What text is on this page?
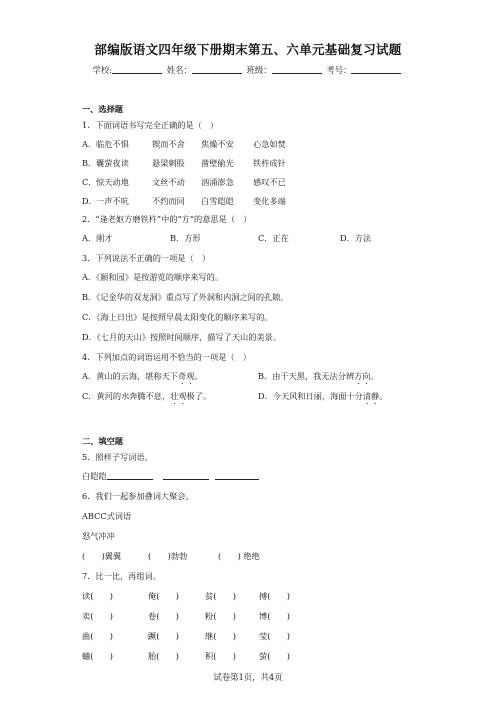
部编版语文四年级下册期末第五、六单元基础复习试题
学校:	姓名：	班级：	考号：
一、选择题
1．下面词语书写完全正确的是（　）
A． 临危不惧	锲而不舍 焦燥不安 心急如焚
B． 囊萤夜读	悬梁刺股 凿壁偷光 铁杵成针
C． 惊天动地	文丝不动 汹涌澎急 感叹不已
D． 一声不吭	不约而同 白雪皑皑 变化多端
2．“逢老妪方磨铁杵”中的“方”的意思是（　）
A．刚才	B．方形	C．正在	D．方法
3．下列说法不正确的一项是（　）
A．《颐和园》是按游览的顺序来写的。
B．《记金华的双龙洞》重点写了外洞和内洞之间的孔隙。
C．《海上日出》是按照早晨太阳变化的顺序来写的。
D．《七月的天山》按照时间顺序，描写了天山的美景。
4．下列加点的词语运用不恰当的一项是（　）
A．黄山的云海，堪称天下奇观。	B．由于天黑，我无法分辨方向。
C．黄河的水奔腾不息，壮观极了。	D．今天风和日丽，海面十分清静。
二、填空题
5．照样子写词语。
白皑皑
6．我们一起参加叠词大聚会。
ABCC式词语
怒气冲冲
(　　)翼翼	(　　)勃勃	(　　) 绝绝
7．比一比，再组词。
读(　　)	俺(　　)	贫(　　)	搏(　　)
卖(　　)	卷(　　)	粉(　　)	博(　　)
曲(　　)	蹶(　　)	继(　　)	莹(　　)
蛐(　　)	胎(　　)	积(　　)	萤(　　)
试卷第1页，共4页
